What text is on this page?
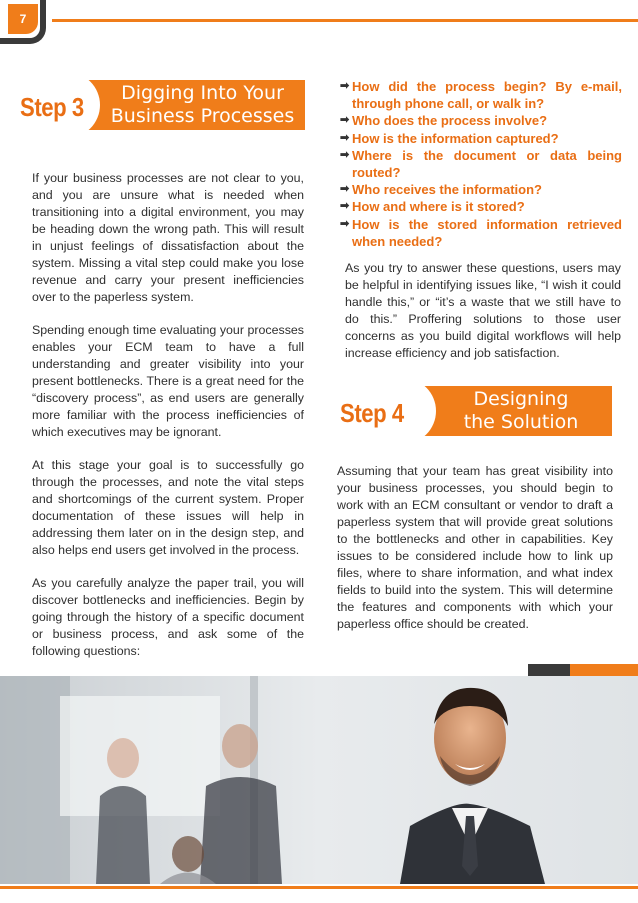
7
Step 3	Digging Into Your
Business Processes

If your business processes are not clear to you, and you are unsure what is needed when transitioning into a digital environment, you may be heading down the wrong path. This will result in unjust feelings of dissatisfaction about the system. Missing a vital step could make you lose revenue and carry your present inefficiencies over to the paperless system.

Spending enough time evaluating your processes enables your ECM team to have a full understanding and greater visibility into your present bottlenecks. There is a great need for the “discovery process”, as end users are generally more familiar with the process inefficiencies of which executives may be ignorant.

At this stage your goal is to successfully go through the processes, and note the vital steps and shortcomings of the current system. Proper documentation of these issues will help in addressing them later on in the design step, and also helps end users get involved in the process.

As you carefully analyze the paper trail, you will discover bottlenecks and inefficiencies. Begin by going through the history of a specific document or business process, and ask some of the following questions:

➡ How did the process begin? By e-mail, through phone call, or walk in?
➡ Who does the process involve?
➡ How is the information captured?
➡ Where is the document or data being routed?
➡ Who receives the information?
➡ How and where is it stored?
➡ How is the stored information retrieved when needed?

As you try to answer these questions, users may be helpful in identifying issues like, “I wish it could handle this,” or “it’s a waste that we still have to do this.” Proffering solutions to those user concerns as you build digital workflows will help increase efficiency and job satisfaction.

Step 4	Designing
the Solution

Assuming that your team has great visibility into your business processes, you should begin to work with an ECM consultant or vendor to draft a paperless system that will provide great solutions to the bottlenecks and other in capabilities. Key issues to be considered include how to link up files, where to share information, and what index fields to build into the system. This will determine the features and components with which your paperless office should be created.
